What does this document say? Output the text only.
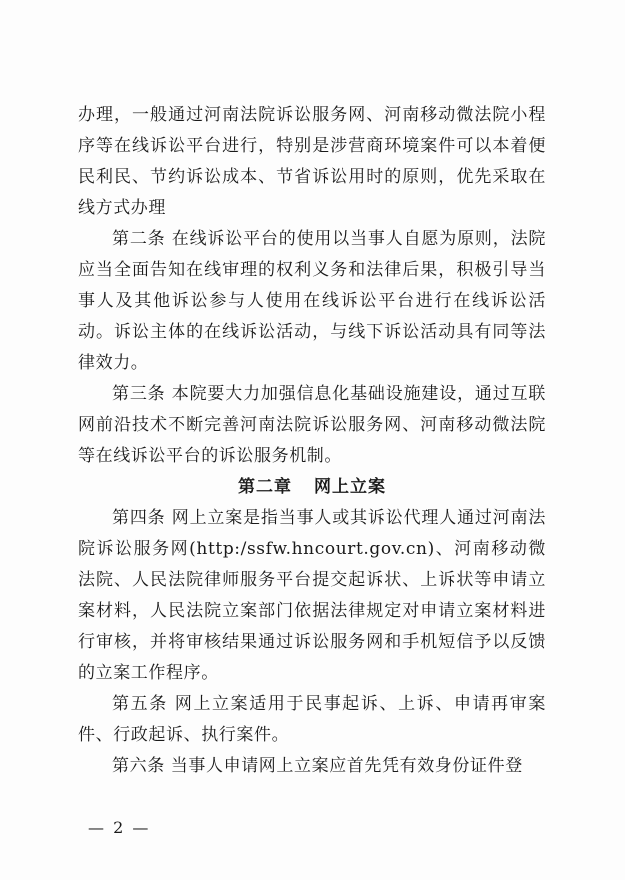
办理，一般通过河南法院诉讼服务网、河南移动微法院小程序等在线诉讼平台进行，特别是涉营商环境案件可以本着便民利民、节约诉讼成本、节省诉讼用时的原则，优先采取在线方式办理

第二条 在线诉讼平台的使用以当事人自愿为原则，法院应当全面告知在线审理的权利义务和法律后果，积极引导当事人及其他诉讼参与人使用在线诉讼平台进行在线诉讼活动。诉讼主体的在线诉讼活动，与线下诉讼活动具有同等法律效力。

第三条 本院要大力加强信息化基础设施建设，通过互联网前沿技术不断完善河南法院诉讼服务网、河南移动微法院等在线诉讼平台的诉讼服务机制。

第二章 网上立案

第四条 网上立案是指当事人或其诉讼代理人通过河南法院诉讼服务网(http:/ssfw.hncourt.gov.cn)、河南移动微法院、人民法院律师服务平台提交起诉状、上诉状等申请立案材料，人民法院立案部门依据法律规定对申请立案材料进行审核，并将审核结果通过诉讼服务网和手机短信予以反馈的立案工作程序。

第五条 网上立案适用于民事起诉、上诉、申请再审案件、行政起诉、执行案件。

第六条 当事人申请网上立案应首先凭有效身份证件登

— 2 —
